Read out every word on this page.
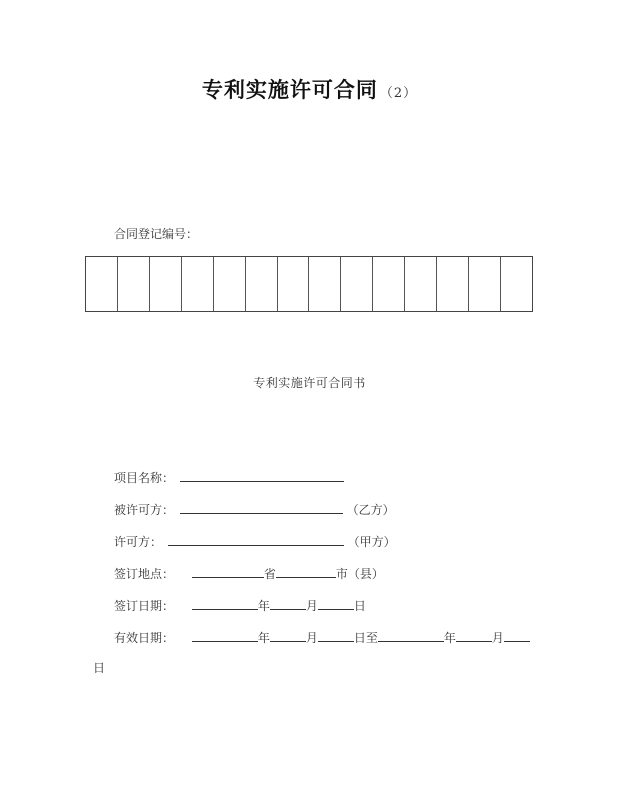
专利实施许可合同 （2）
合同登记编号：
专利实施许可合同书
项目名称：
被许可方：	（乙方）
许可方：	（甲方）
签订地点：	省	市（县）
签订日期：	年	月	日
有效日期：	年	月	日至	年	月
日
